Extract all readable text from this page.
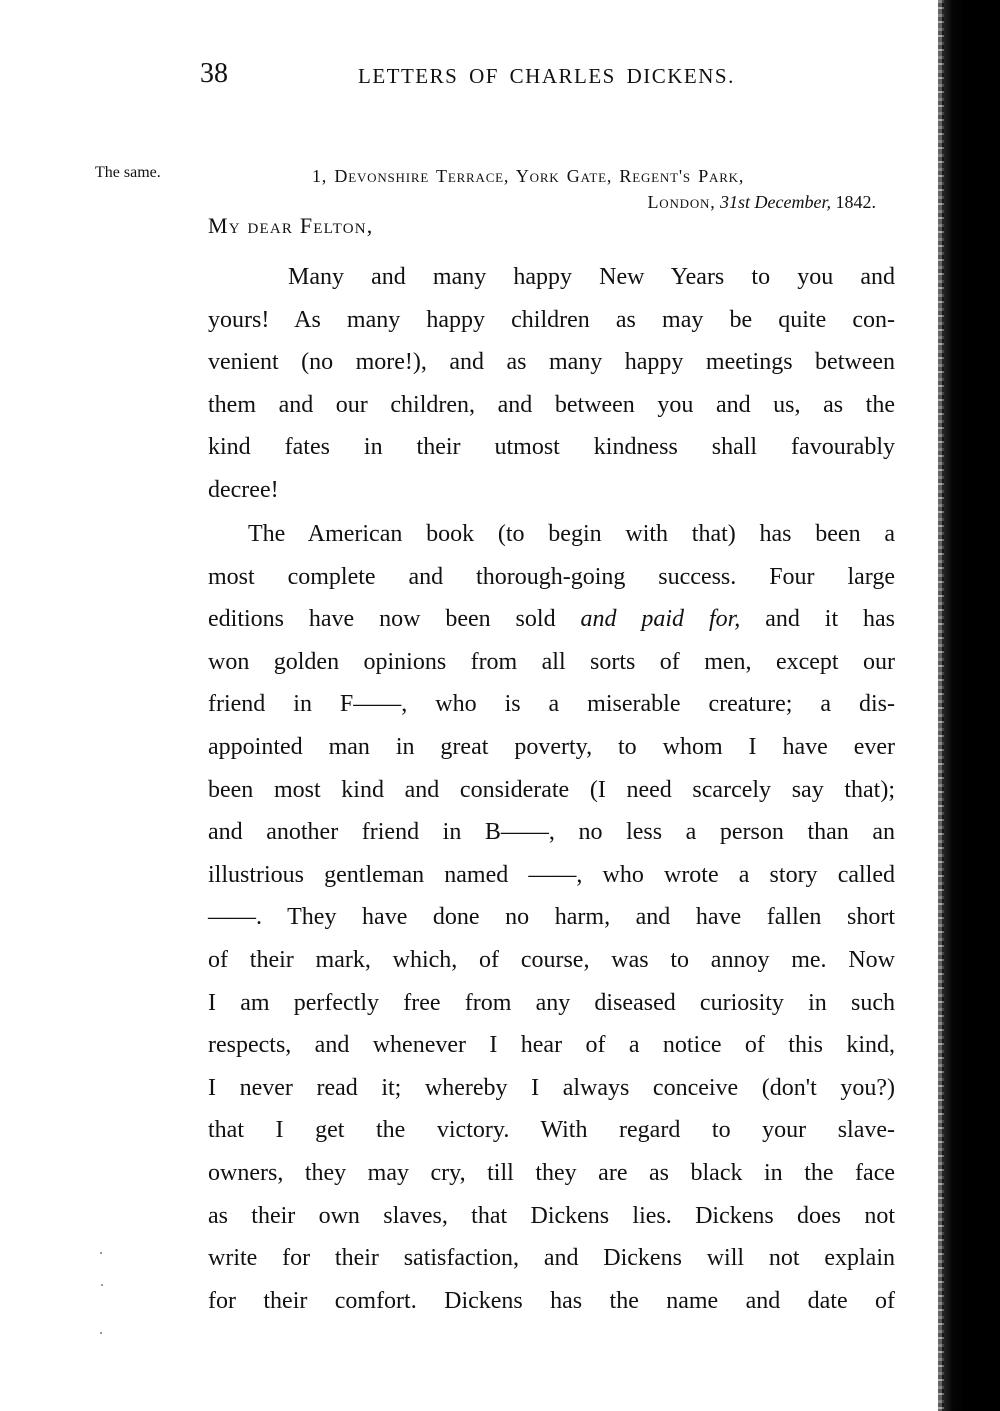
38	LETTERS OF CHARLES DICKENS.
The same.	1, Devonshire Terrace, York Gate, Regent's Park,
London, 31st December, 1842.
My dear Felton,
Many and many happy New Years to you and
yours! As many happy children as may be quite con-
venient (no more!), and as many happy meetings between
them and our children, and between you and us, as the
kind fates in their utmost kindness shall favourably
decree!
The American book (to begin with that) has been a
most complete and thorough-going success. Four large
editions have now been sold and paid for, and it has
won golden opinions from all sorts of men, except our
friend in F——, who is a miserable creature; a dis-
appointed man in great poverty, to whom I have ever
been most kind and considerate (I need scarcely say that);
and another friend in B——, no less a person than an
illustrious gentleman named ——, who wrote a story called
——. They have done no harm, and have fallen short
of their mark, which, of course, was to annoy me. Now
I am perfectly free from any diseased curiosity in such
respects, and whenever I hear of a notice of this kind,
I never read it; whereby I always conceive (don't you?)
that I get the victory. With regard to your slave-
owners, they may cry, till they are as black in the face
as their own slaves, that Dickens lies. Dickens does not
write for their satisfaction, and Dickens will not explain
for their comfort. Dickens has the name and date of
